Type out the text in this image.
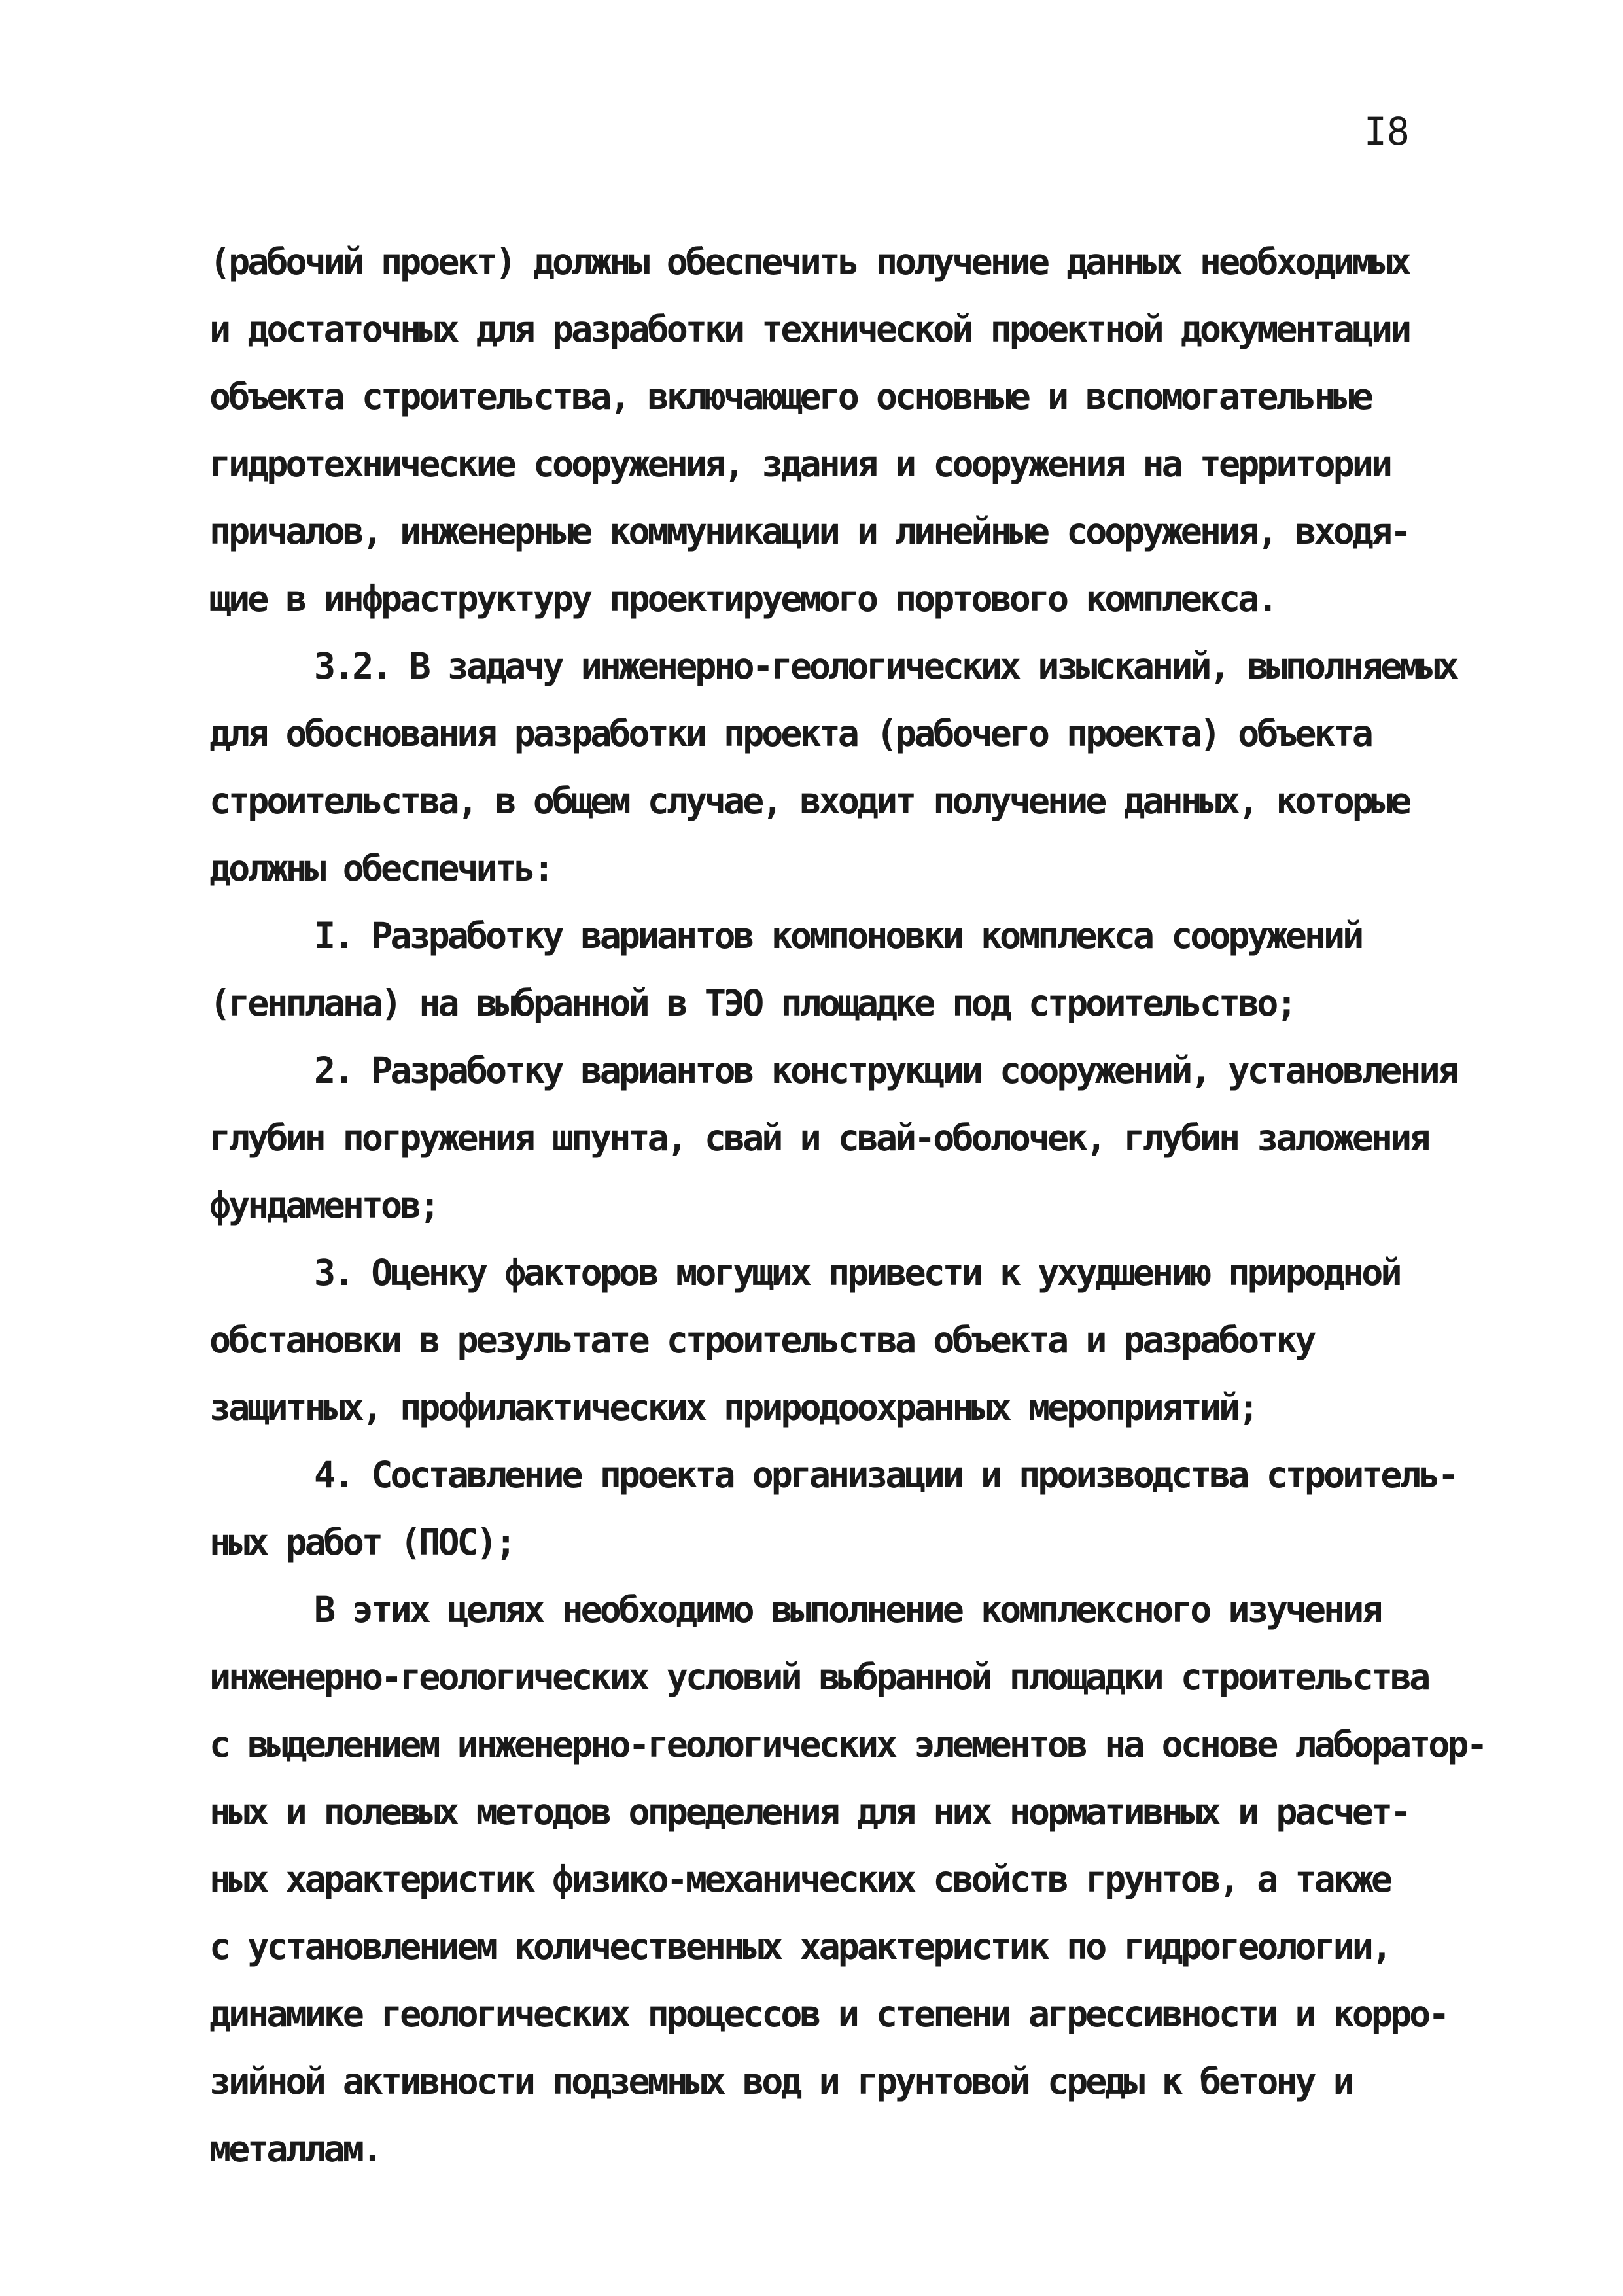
I8
(рабочий проект) должны обеспечить получение данных необходимых
и достаточных для разработки технической проектной документации
объекта строительства, включающего основные и вспомогательные
гидротехнические сооружения, здания и сооружения на территории
причалов, инженерные коммуникации и линейные сооружения, входя-
щие в инфраструктуру проектируемого портового комплекса.
3.2. В задачу инженерно-геологических изысканий, выполняемых
для обоснования разработки проекта (рабочего проекта) объекта
строительства, в общем случае, входит получение данных, которые
должны обеспечить:
I. Разработку вариантов компоновки комплекса сооружений
(генплана) на выбранной в ТЭО площадке под строительство;
2. Разработку вариантов конструкции сооружений, установления
глубин погружения шпунта, свай и свай-оболочек, глубин заложения
фундаментов;
3. Оценку факторов могущих привести к ухудшению природной
обстановки в результате строительства объекта и разработку
защитных, профилактических природоохранных мероприятий;
4. Составление проекта организации и производства строитель-
ных работ (ПОС);
В этих целях необходимо выполнение комплексного изучения
инженерно-геологических условий выбранной площадки строительства
с выделением инженерно-геологических элементов на основе лаборатор-
ных и полевых методов определения для них нормативных и расчет-
ных характеристик физико-механических свойств грунтов, а также
с установлением количественных характеристик по гидрогеологии,
динамике геологических процессов и степени агрессивности и корро-
зийной активности подземных вод и грунтовой среды к бетону и
металлам.
